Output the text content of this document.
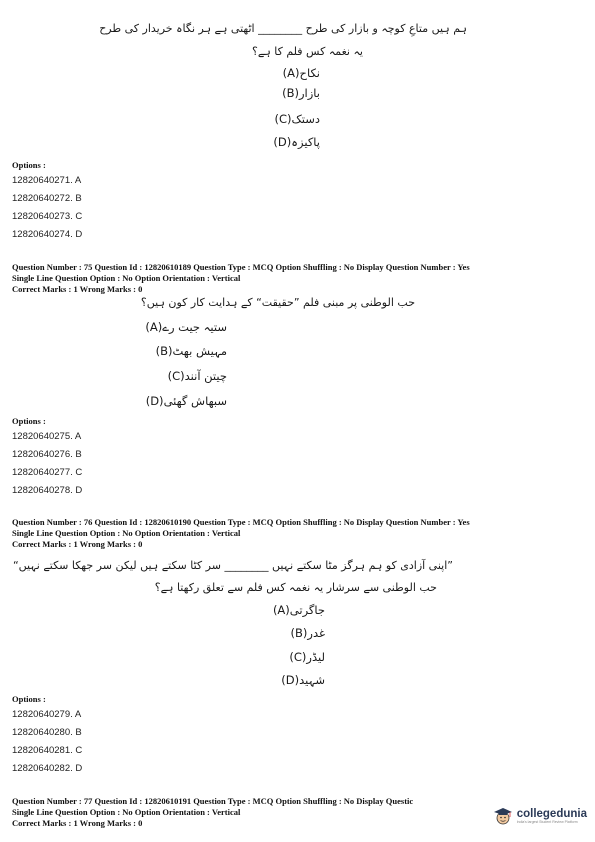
ہم ہیں متاعِ کوچہ و بازار کی طرح ________ اٹھتی ہے ہر نگاہ خریدار کی طرح
یہ نغمہ کس فلم کا ہے؟
(A)نکاح
(B)بازار
(C)دستک
(D)پاکیزہ
Options :
12820640271. A
12820640272. B
12820640273. C
12820640274. D
Question Number : 75 Question Id : 12820610189 Question Type : MCQ Option Shuffling : No Display Question Number : Yes
Single Line Question Option : No Option Orientation : Vertical
Correct Marks : 1 Wrong Marks : 0
حب الوطنی پر مبنی فلم ”حقیقت“ کے ہدایت کار کون ہیں؟
(A)ستیہ جیت رے
(B)مہیش بھٹ
(C)چیتن آنند
(D)سبھاش گھئی
Options :
12820640275. A
12820640276. B
12820640277. C
12820640278. D
Question Number : 76 Question Id : 12820610190 Question Type : MCQ Option Shuffling : No Display Question Number : Yes
Single Line Question Option : No Option Orientation : Vertical
Correct Marks : 1 Wrong Marks : 0
”اپنی آزادی کو ہم ہرگز مٹا سکتے نہیں ________ سر کٹا سکتے ہیں لیکن سر جھکا سکتے نہیں“
حب الوطنی سے سرشار یہ نغمہ کس فلم سے تعلق رکھتا ہے؟
(A)جاگرتی
(B)غدر
(C)لیڈر
(D)شہید
Options :
12820640279. A
12820640280. B
12820640281. C
12820640282. D
Question Number : 77 Question Id : 12820610191 Question Type : MCQ Option Shuffling : No Display Questic
Single Line Question Option : No Option Orientation : Vertical
Correct Marks : 1 Wrong Marks : 0
collegedunia
India's largest Student Review Platform
